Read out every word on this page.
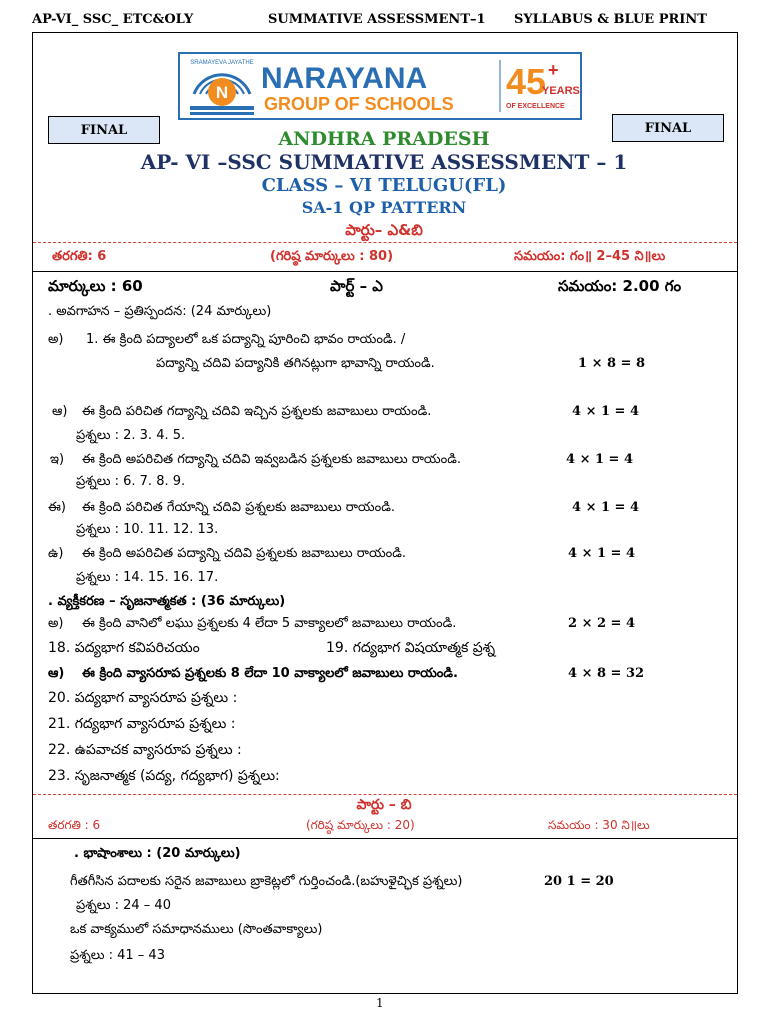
AP-VI_ SSC_ ETC&OLY	SUMMATIVE ASSESSMENT–1 SYLLABUS & BLUE PRINT
N
SRAMAYEVA JAYATHE NARAYANA
GROUP OF SCHOOLS
45 +
YEARS
OF EXCELLENCE
FINAL	FINAL
ANDHRA PRADESH
AP- VI –SSC SUMMATIVE ASSESSMENT – 1
CLASS – VI TELUGU(FL)
SA-1 QP PATTERN
పార్టు– ఎ&బి
తరగతి: 6	(గరిష్ఠ మార్కులు : 80)	సమయం: గం॥ 2–45 ని॥లు
మార్కులు : 60	పార్ట్ – ఎ	సమయం: 2.00 గం
. అవగాహన – ప్రతిస్పందన: (24 మార్కులు)
అ) 1. ఈ క్రింది పద్యాలలో ఒక పద్యాన్ని పూరించి భావం రాయండి. /
పద్యాన్ని చదివి పద్యానికి తగినట్లుగా భావాన్ని రాయండి.	1 × 8 = 8
ఆ) ఈ క్రింది పరిచిత గద్యాన్ని చదివి ఇచ్చిన ప్రశ్నలకు జవాబులు రాయండి.	4 × 1 = 4
ప్రశ్నలు : 2. 3. 4. 5.
ఇ) ఈ క్రింది అపరిచిత గద్యాన్ని చదివి ఇవ్వబడిన ప్రశ్నలకు జవాబులు రాయండి.	4 × 1 = 4
ప్రశ్నలు : 6. 7. 8. 9.
ఈ) ఈ క్రింది పరిచిత గేయాన్ని చదివి ప్రశ్నలకు జవాబులు రాయండి.	4 × 1 = 4
ప్రశ్నలు : 10. 11. 12. 13.
ఉ) ఈ క్రింది అపరిచిత పద్యాన్ని చదివి ప్రశ్నలకు జవాబులు రాయండి.	4 × 1 = 4
ప్రశ్నలు : 14. 15. 16. 17.
. వ్యక్తీకరణ – సృజనాత్మకత : (36 మార్కులు)
అ) ఈ క్రింది వానిలో లఘు ప్రశ్నలకు 4 లేదా 5 వాక్యాలలో జవాబులు రాయండి.	2 × 2 = 4
18. పద్యభాగ కవిపరిచయం	19. గద్యభాగ విషయాత్మక ప్రశ్న
ఆ) ఈ క్రింది వ్యాసరూప ప్రశ్నలకు 8 లేదా 10 వాక్యాలలో జవాబులు రాయండి.	4 × 8 = 32
20. పద్యభాగ వ్యాసరూప ప్రశ్నలు :
21. గద్యభాగ వ్యాసరూప ప్రశ్నలు :
22. ఉపవాచక వ్యాసరూప ప్రశ్నలు :
23. సృజనాత్మక (పద్య, గద్యభాగ) ప్రశ్నలు:
పార్టు – బి
తరగతి : 6	(గరిష్ఠ మార్కులు : 20)	సమయం : 30 ని॥లు
. భాషాంశాలు : (20 మార్కులు)
గీతగీసిన పదాలకు సరైన జవాబులు బ్రాకెట్లలో గుర్తించండి.(బహుళైచ్ఛిక ప్రశ్నలు)	20 1 = 20
ప్రశ్నలు : 24 – 40
ఒక వాక్యములో సమాధానములు (సొంతవాక్యాలు)
ప్రశ్నలు : 41 – 43
1
